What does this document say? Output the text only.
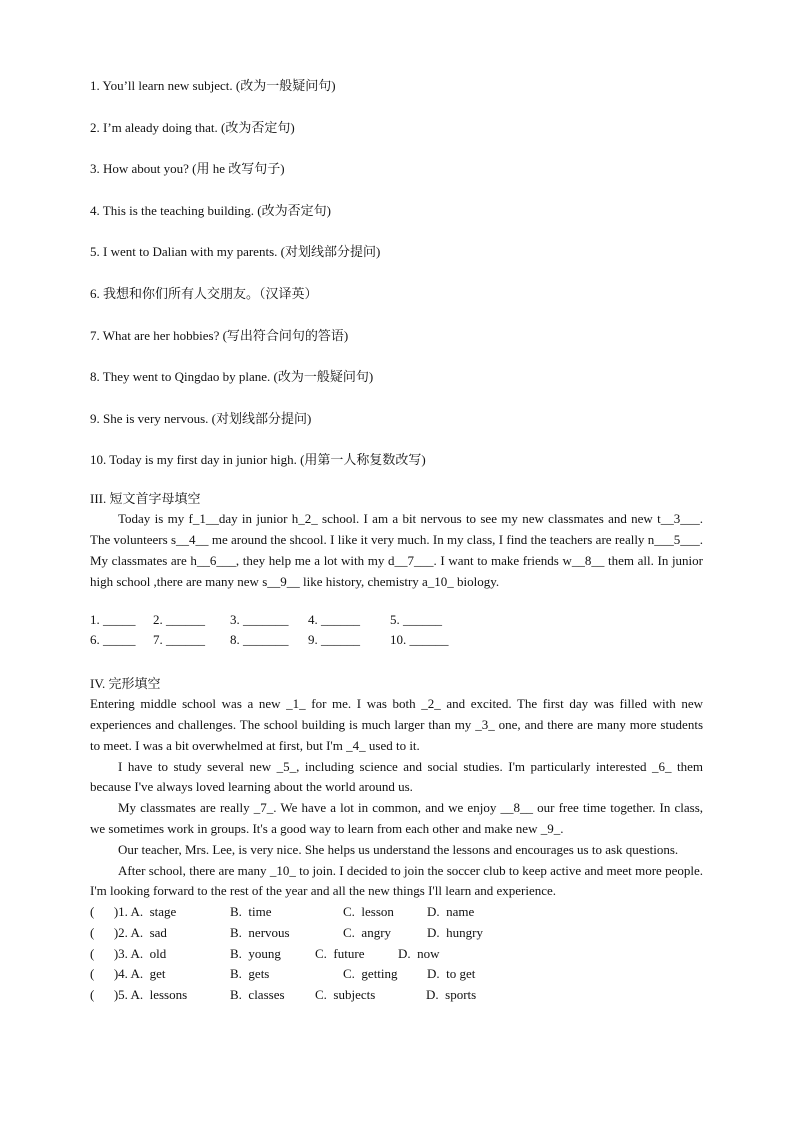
1. You’ll learn new subject. (改为一般疑问句)
2. I’m aleady doing that. (改为否定句)
3. How about you? (用 he 改写句子)
4. This is the teaching building. (改为否定句)
5. I went to Dalian with my parents. (对划线部分提问)
6. 我想和你们所有人交朋友。（汉译英）
7. What are her hobbies? (写出符合问句的答语)
8. They went to Qingdao by plane. (改为一般疑问句)
9. She is very nervous. (对划线部分提问)
10. Today is my first day in junior high. (用第一人称复数改写)
III. 短文首字母填空
Today is my f_1__day in junior h_2_ school. I am a bit nervous to see my new classmates and new t__3___. The volunteers s__4__ me around the shcool. I like it very much. In my class, I find the teachers are really n___5___. My classmates are h__6___, they help me a lot with my d__7___. I want to make friends w__8__ them all. In junior high school ,there are many new s__9__ like history, chemistry a_10_ biology.
1. _____	2. ______	3. _______	4. ______	5. ______
6. _____	7. ______	8. _______	9. ______	10. ______
IV. 完形填空
Entering middle school was a new _1_ for me. I was both _2_ and excited. The first day was filled with new experiences and challenges. The school building is much larger than my _3_ one, and there are many more students to meet. I was a bit overwhelmed at first, but I'm _4_ used to it.
I have to study several new _5_, including science and social studies. I'm particularly interested _6_ them because I've always loved learning about the world around us.
My classmates are really _7_. We have a lot in common, and we enjoy __8__ our free time together. In class, we sometimes work in groups. It's a good way to learn from each other and make new _9_.
Our teacher, Mrs. Lee, is very nice. She helps us understand the lessons and encourages us to ask questions.
After school, there are many _10_ to join. I decided to join the soccer club to keep active and meet more people. I'm looking forward to the rest of the year and all the new things I'll learn and experience.
(      )1. A.  stage	B.  time	C.  lesson	D.  name
(      )2. A.  sad	B.  nervous	C.  angry	D.  hungry
(      )3. A.  old	B.  young	C.  future	D.  now
(      )4. A.  get	B.  gets	C.  getting	D.  to get
(      )5. A.  lessons	B.  classes	C.  subjects	D.  sports
